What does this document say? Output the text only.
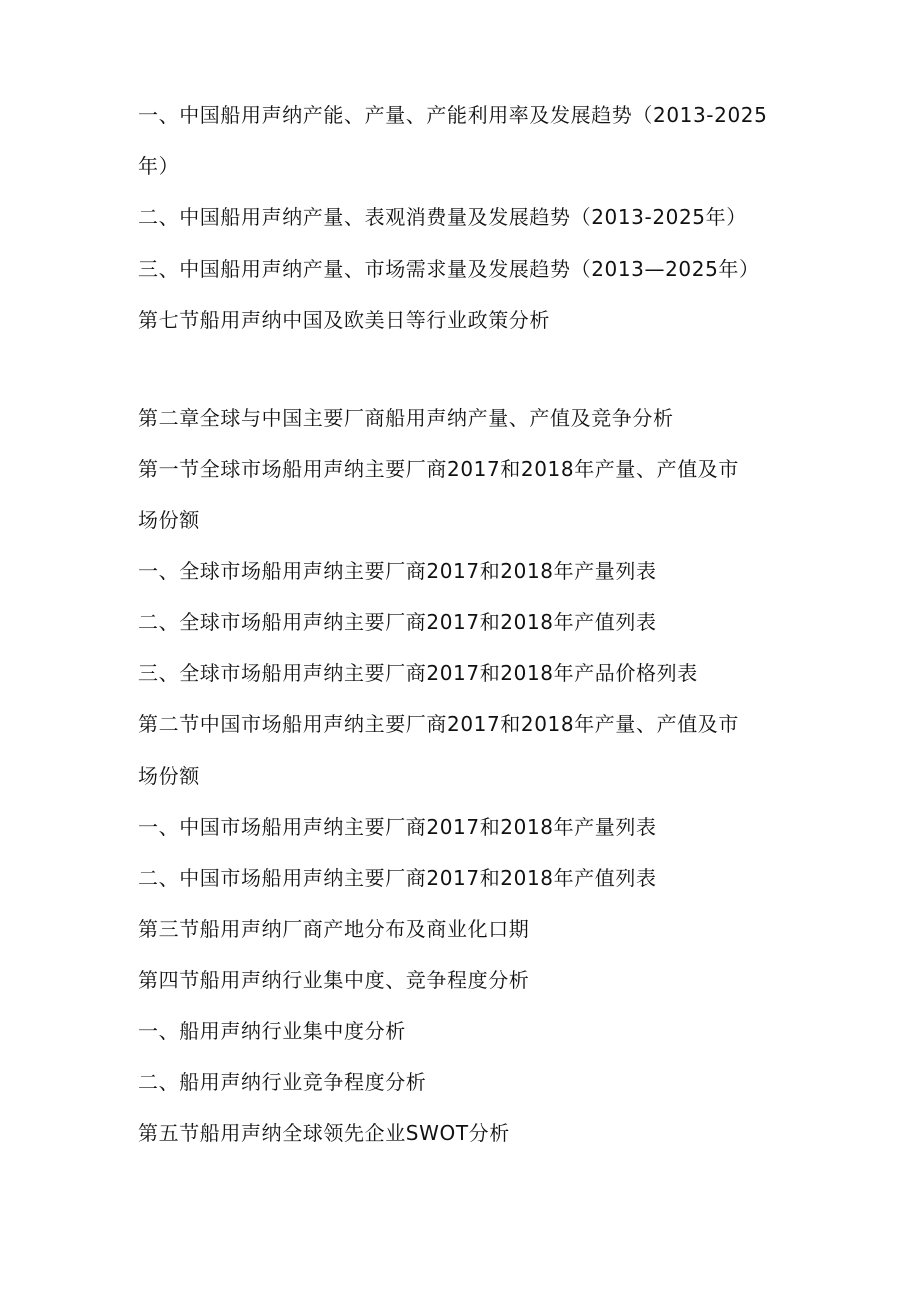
一、中国船用声纳产能、产量、产能利用率及发展趋势（2013-2025
年）
二、中国船用声纳产量、表观消费量及发展趋势（2013-2025年）
三、中国船用声纳产量、市场需求量及发展趋势（2013—2025年）
第七节船用声纳中国及欧美日等行业政策分析
第二章全球与中国主要厂商船用声纳产量、产值及竞争分析
第一节全球市场船用声纳主要厂商2017和2018年产量、产值及市
场份额
一、全球市场船用声纳主要厂商2017和2018年产量列表
二、全球市场船用声纳主要厂商2017和2018年产值列表
三、全球市场船用声纳主要厂商2017和2018年产品价格列表
第二节中国市场船用声纳主要厂商2017和2018年产量、产值及市
场份额
一、中国市场船用声纳主要厂商2017和2018年产量列表
二、中国市场船用声纳主要厂商2017和2018年产值列表
第三节船用声纳厂商产地分布及商业化口期
第四节船用声纳行业集中度、竞争程度分析
一、船用声纳行业集中度分析
二、船用声纳行业竞争程度分析
第五节船用声纳全球领先企业SWOT分析
